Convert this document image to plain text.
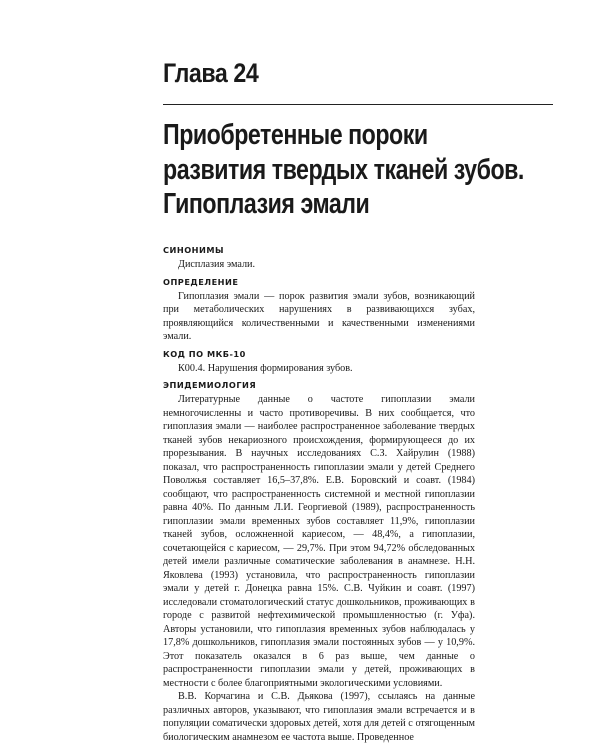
Глава 24
Приобретенные пороки
развития твердых тканей зубов.
Гипоплазия эмали
СИНОНИМЫ

Дисплазия эмали.

ОПРЕДЕЛЕНИЕ

Гипоплазия эмали — порок развития эмали зубов, возникающий при метаболических нарушениях в развивающихся зубах, проявляющийся количественными и качественными изменениями эмали.

КОД ПО МКБ-10

К00.4. Нарушения формирования зубов.

ЭПИДЕМИОЛОГИЯ

Литературные данные о частоте гипоплазии эмали немногочисленны и часто противоречивы. В них сообщается, что гипоплазия эмали — наиболее распространенное заболевание твердых тканей зубов некариозного происхождения, формирующееся до их прорезывания. В научных исследованиях С.З. Хайрулин (1988) показал, что распространенность гипоплазии эмали у детей Среднего Поволжья составляет 16,5–37,8%. Е.В. Боровский и соавт. (1984) сообщают, что распространенность системной и местной гипоплазии равна 40%. По данным Л.И. Георгиевой (1989), распространенность гипоплазии эмали временных зубов составляет 11,9%, гипоплазии тканей зубов, осложненной кариесом, — 48,4%, а гипоплазии, сочетающейся с кариесом, — 29,7%. При этом 94,72% обследованных детей имели различные соматические заболевания в анамнезе. Н.Н. Яковлева (1993) установила, что распространенность гипоплазии эмали у детей г. Донецка равна 15%. С.В. Чуйкин и соавт. (1997) исследовали стоматологический статус дошкольников, проживающих в городе с развитой нефтехимической промышленностью (г. Уфа). Авторы установили, что гипоплазия временных зубов наблюдалась у 17,8% дошкольников, гипоплазия эмали постоянных зубов — у 10,9%. Этот показатель оказался в 6 раз выше, чем данные о распространенности гипоплазии эмали у детей, проживающих в местности с более благоприятными экологическими условиями.

В.В. Корчагина и С.В. Дьякова (1997), ссылаясь на данные различных авторов, указывают, что гипоплазия эмали встречается и в популяции соматически здоровых детей, хотя для детей с отягощенным биологическим анамнезом ее частота выше. Проведенное
